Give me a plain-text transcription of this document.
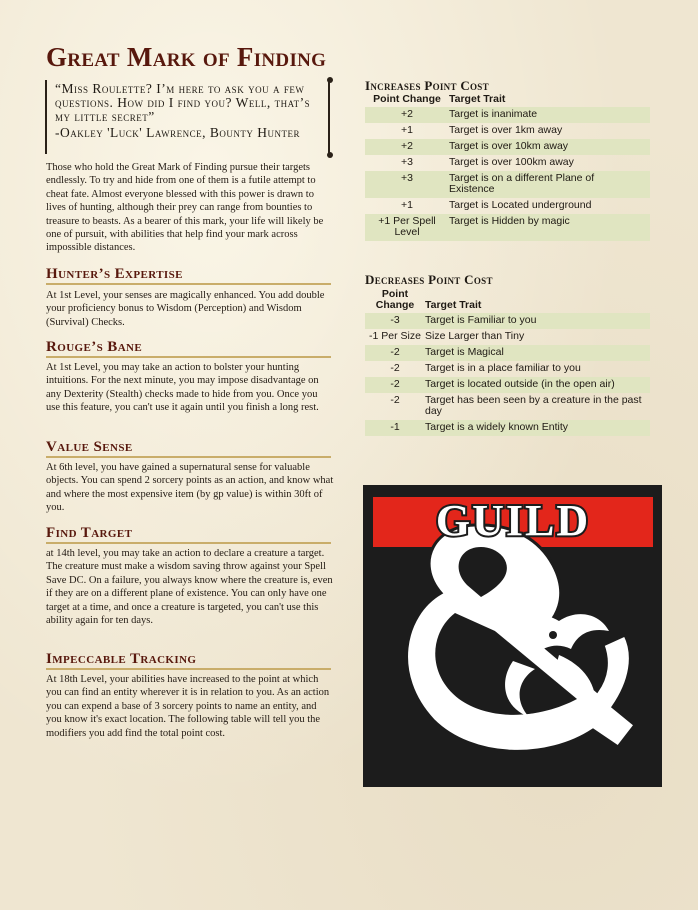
Great Mark of Finding
“Miss Roulette? I’m here to ask you a few questions. How did I find you? Well, that’s my little secret”
-Oakley 'Luck' Lawrence, Bounty Hunter

Those who hold the Great Mark of Finding pursue their targets endlessly. To try and hide from one of them is a futile attempt to cheat fate. Almost everyone blessed with this power is drawn to lives of hunting, although their prey can range from bounties to treasure to beasts. As a bearer of this mark, your life will likely be one of pursuit, with abilities that help find your mark across impossible distances.

Hunter’s Expertise

At 1st Level, your senses are magically enhanced. You add double your proficiency bonus to Wisdom (Perception) and Wisdom (Survival) Checks.

Rouge’s Bane

At 1st Level, you may take an action to bolster your hunting intuitions. For the next minute, you may impose disadvantage on any Dexterity (Stealth) checks made to hide from you. Once you use this feature, you can't use it again until you finish a long rest.

Value Sense

At 6th level, you have gained a supernatural sense for valuable objects. You can spend 2 sorcery points as an action, and know what and where the most expensive item (by gp value) is within 30ft of you.

Find Target

at 14th level, you may take an action to declare a creature a target. The creature must make a wisdom saving throw against your Spell Save DC. On a failure, you always know where the creature is, even if they are on a different plane of existence. You can only have one target at a time, and once a creature is targeted, you can't use this ability again for ten days.

Impeccable Tracking

At 18th Level, your abilities have increased to the point at which you can find an entity wherever it is in relation to you. As an action you can expend a base of 3 sorcery points to name an entity, and you know it's exact location. The following table will tell you the modifiers you add find the total point cost.

Increases Point Cost
Point Change	Target Trait
+2	Target is inanimate
+1	Target is over 1km away
+2	Target is over 10km away
+3	Target is over 100km away
+3	Target is on a different Plane of Existence
+1	Target is Located underground
+1 Per Spell Level	Target is Hidden by magic
Decreases Point Cost
Point Change	Target Trait
-3	Target is Familiar to you
-1 Per Size	Size Larger than Tiny
-2	Target is Magical
-2	Target is in a place familiar to you
-2	Target is located outside (in the open air)
-2	Target has been seen by a creature in the past day
-1	Target is a widely known Entity
GUILD
